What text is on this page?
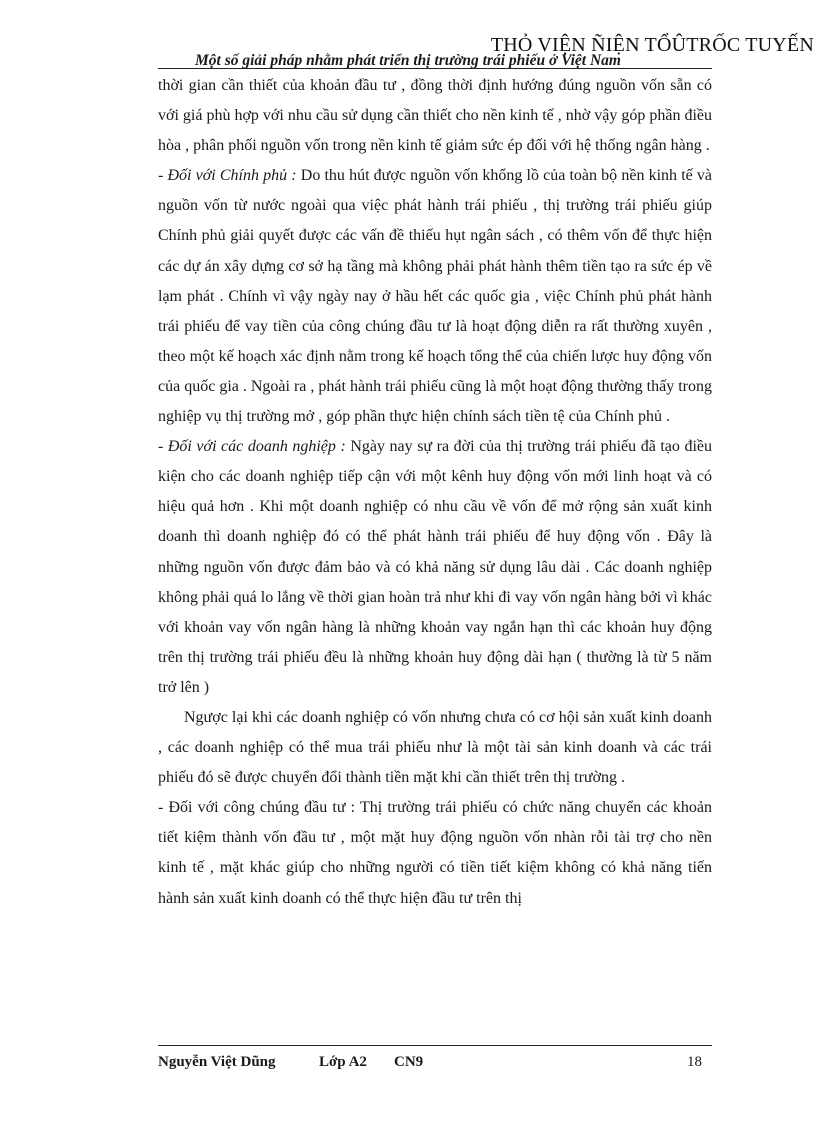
THỎ VIỆN ÑIỆN TỔÛTRỐC TUYẾN
Một số giải pháp nhằm phát triển thị trường trái phiếu ở Việt Nam

thời gian cần thiết của khoản đầu tư , đồng thời định hướng đúng nguồn vốn sẵn có với giá phù hợp với nhu cầu sử dụng cần thiết cho nền kinh tế , nhờ vậy góp phần điều hòa , phân phối nguồn vốn trong nền kinh tế giảm sức ép đối với hệ thống ngân hàng .

- Đối với Chính phủ : Do thu hút được nguồn vốn khổng lồ của toàn bộ nền kinh tế và nguồn vốn từ nước ngoài qua việc phát hành trái phiếu , thị trường trái phiếu giúp Chính phủ giải quyết được các vấn đề thiếu hụt ngân sách , có thêm vốn để thực hiện các dự án xây dựng cơ sở hạ tầng mà không phải phát hành thêm tiền tạo ra sức ép về lạm phát . Chính vì vậy ngày nay ở hầu hết các quốc gia , việc Chính phủ phát hành trái phiếu để vay tiền của công chúng đầu tư là hoạt động diễn ra rất thường xuyên , theo một kế hoạch xác định nằm trong kế hoạch tổng thể của chiến lược huy động vốn của quốc gia . Ngoài ra , phát hành trái phiếu cũng là một hoạt động thường thấy trong nghiệp vụ thị trường mở , góp phần thực hiện chính sách tiền tệ của Chính phủ .

- Đối với các doanh nghiệp : Ngày nay sự ra đời của thị trường trái phiếu đã tạo điều kiện cho các doanh nghiệp tiếp cận với một kênh huy động vốn mới linh hoạt và có hiệu quả hơn . Khi một doanh nghiệp có nhu cầu về vốn để mở rộng sản xuất kinh doanh thì doanh nghiệp đó có thể phát hành trái phiếu để huy động vốn . Đây là những nguồn vốn được đảm bảo và có khả năng sử dụng lâu dài . Các doanh nghiệp không phải quá lo lắng về thời gian hoàn trả như khi đi vay vốn ngân hàng bởi vì khác với khoản vay vốn ngân hàng là những khoản vay ngắn hạn thì các khoản huy động trên thị trường trái phiếu đều là những khoản huy động dài hạn ( thường là từ 5 năm trở lên )

Ngược lại khi các doanh nghiệp có vốn nhưng chưa có cơ hội sản xuất kinh doanh , các doanh nghiệp có thể mua trái phiếu như là một tài sản kinh doanh và các trái phiếu đó sẽ được chuyển đổi thành tiền mặt khi cần thiết trên thị trường .

- Đối với công chúng đầu tư : Thị trường trái phiếu có chức năng chuyển các khoản tiết kiệm thành vốn đầu tư , một mặt huy động nguồn vốn nhàn rỗi tài trợ cho nền kinh tế , mặt khác giúp cho những người có tiền tiết kiệm không có khả năng tiến hành sản xuất kinh doanh có thể thực hiện đầu tư trên thị

Nguyễn Việt Dũng	Lớp A2 CN9	18
